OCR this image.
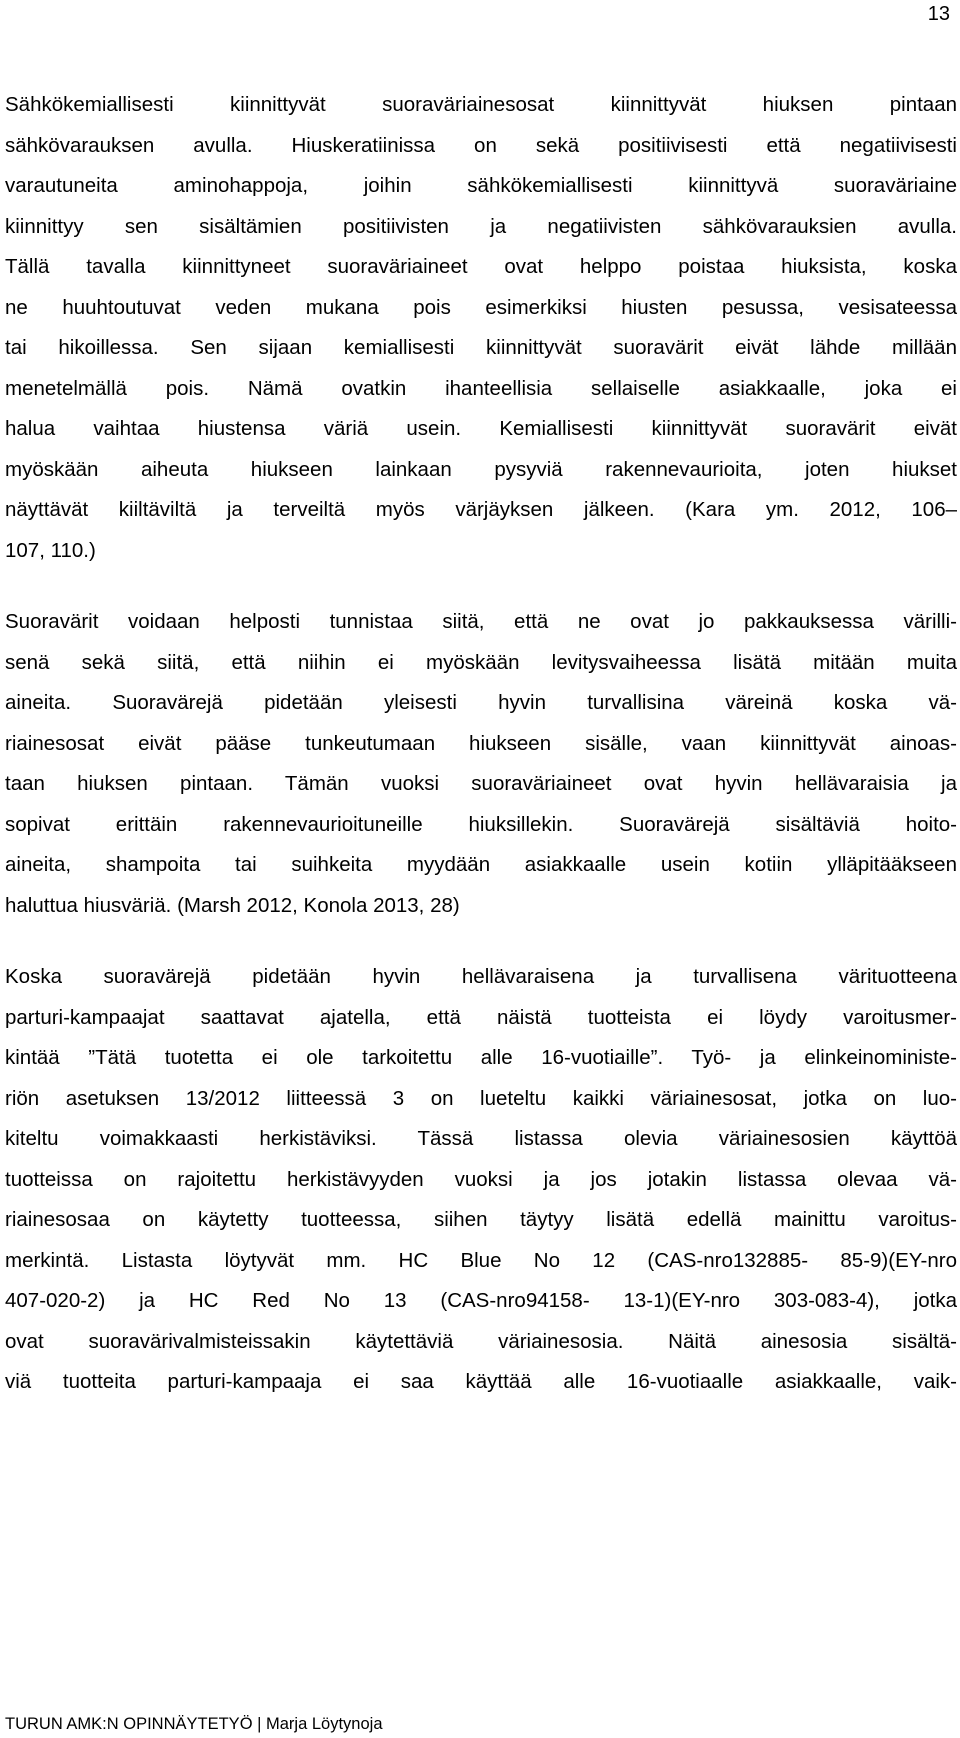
13
Sähkökemiallisesti kiinnittyvät suoraväriainesosat kiinnittyvät hiuksen pintaan
sähkövarauksen avulla. Hiuskeratiinissa on sekä positiivisesti että negatiivisesti
varautuneita aminohappoja, joihin sähkökemiallisesti kiinnittyvä suoraväriaine
kiinnittyy sen sisältämien positiivisten ja negatiivisten sähkövarauksien avulla.
Tällä tavalla kiinnittyneet suoraväriaineet ovat helppo poistaa hiuksista, koska
ne huuhtoutuvat veden mukana pois esimerkiksi hiusten pesussa, vesisateessa
tai hikoillessa. Sen sijaan kemiallisesti kiinnittyvät suoravärit eivät lähde millään
menetelmällä pois. Nämä ovatkin ihanteellisia sellaiselle asiakkaalle, joka ei
halua vaihtaa hiustensa väriä usein. Kemiallisesti kiinnittyvät suoravärit eivät
myöskään aiheuta hiukseen lainkaan pysyviä rakennevaurioita, joten hiukset
näyttävät kiiltäviltä ja terveiltä myös värjäyksen jälkeen. (Kara ym. 2012, 106–
107, 110.)
Suoravärit voidaan helposti tunnistaa siitä, että ne ovat jo pakkauksessa värilli-
senä sekä siitä, että niihin ei myöskään levitysvaiheessa lisätä mitään muita
aineita. Suoravärejä pidetään yleisesti hyvin turvallisina väreinä koska vä-
riainesosat eivät pääse tunkeutumaan hiukseen sisälle, vaan kiinnittyvät ainoas-
taan hiuksen pintaan. Tämän vuoksi suoraväriaineet ovat hyvin hellävaraisia ja
sopivat erittäin rakennevaurioituneille hiuksillekin. Suoravärejä sisältäviä hoito-
aineita, shampoita tai suihkeita myydään asiakkaalle usein kotiin ylläpitääkseen
haluttua hiusväriä. (Marsh 2012, Konola 2013, 28)
Koska suoravärejä pidetään hyvin hellävaraisena ja turvallisena värituotteena
parturi-kampaajat saattavat ajatella, että näistä tuotteista ei löydy varoitusmer-
kintää ”Tätä tuotetta ei ole tarkoitettu alle 16-vuotiaille”. Työ- ja elinkeinoministe-
riön asetuksen 13/2012 liitteessä 3 on lueteltu kaikki väriainesosat, jotka on luo-
kiteltu voimakkaasti herkistäviksi. Tässä listassa olevia väriainesosien käyttöä
tuotteissa on rajoitettu herkistävyyden vuoksi ja jos jotakin listassa olevaa vä-
riainesosaa on käytetty tuotteessa, siihen täytyy lisätä edellä mainittu varoitus-
merkintä. Listasta löytyvät mm. HC Blue No 12 (CAS-nro132885- 85-9)(EY-nro
407-020-2) ja HC Red No 13 (CAS-nro94158- 13-1)(EY-nro 303-083-4), jotka
ovat suoravärivalmisteissakin käytettäviä väriainesosia. Näitä ainesosia sisältä-
viä tuotteita parturi-kampaaja ei saa käyttää alle 16-vuotiaalle asiakkaalle, vaik-
TURUN AMK:N OPINNÄYTETYÖ | Marja Löytynoja
